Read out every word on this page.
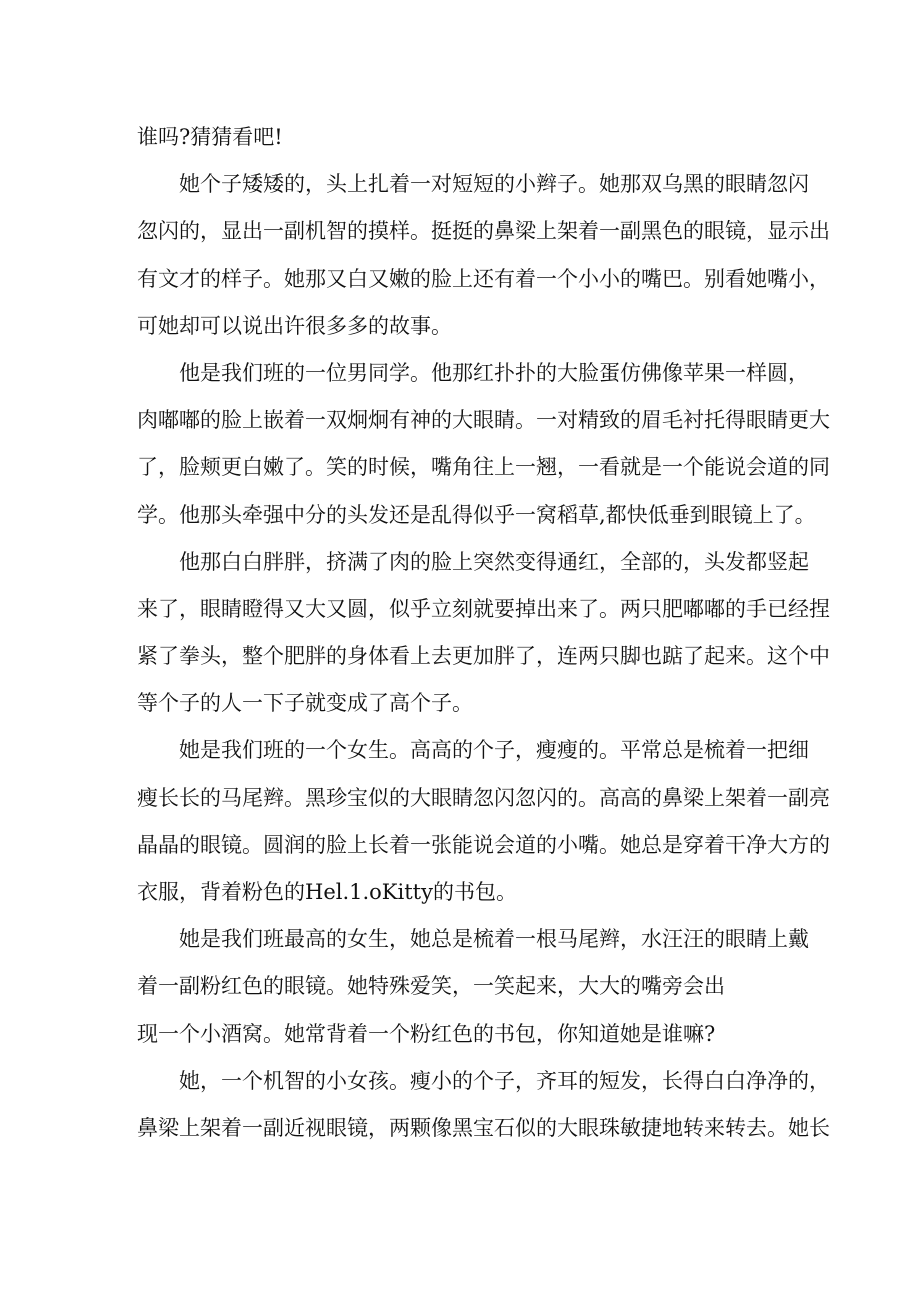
谁吗?猜猜看吧!
她个子矮矮的，头上扎着一对短短的小辫子。她那双乌黑的眼睛忽闪
忽闪的，显出一副机智的摸样。挺挺的鼻梁上架着一副黑色的眼镜，显示出
有文才的样子。她那又白又嫩的脸上还有着一个小小的嘴巴。别看她嘴小，
可她却可以说出许很多多的故事。
他是我们班的一位男同学。他那红扑扑的大脸蛋仿佛像苹果一样圆，
肉嘟嘟的脸上嵌着一双炯炯有神的大眼睛。一对精致的眉毛衬托得眼睛更大
了，脸颊更白嫩了。笑的时候，嘴角往上一翘，一看就是一个能说会道的同
学。他那头牵强中分的头发还是乱得似乎一窝稻草,都快低垂到眼镜上了。
他那白白胖胖，挤满了肉的脸上突然变得通红，全部的，头发都竖起
来了，眼睛瞪得又大又圆，似乎立刻就要掉出来了。两只肥嘟嘟的手已经捏
紧了拳头，整个肥胖的身体看上去更加胖了，连两只脚也踮了起来。这个中
等个子的人一下子就变成了高个子。
她是我们班的一个女生。高高的个子，瘦瘦的。平常总是梳着一把细
瘦长长的马尾辫。黑珍宝似的大眼睛忽闪忽闪的。高高的鼻梁上架着一副亮
晶晶的眼镜。圆润的脸上长着一张能说会道的小嘴。她总是穿着干净大方的
衣服，背着粉色的Hel.1.oKitty的书包。
她是我们班最高的女生，她总是梳着一根马尾辫，水汪汪的眼睛上戴
着一副粉红色的眼镜。她特殊爱笑，一笑起来，大大的嘴旁会出
现一个小酒窝。她常背着一个粉红色的书包，你知道她是谁嘛?
她，一个机智的小女孩。瘦小的个子，齐耳的短发，长得白白净净的，
鼻梁上架着一副近视眼镜，两颗像黑宝石似的大眼珠敏捷地转来转去。她长
